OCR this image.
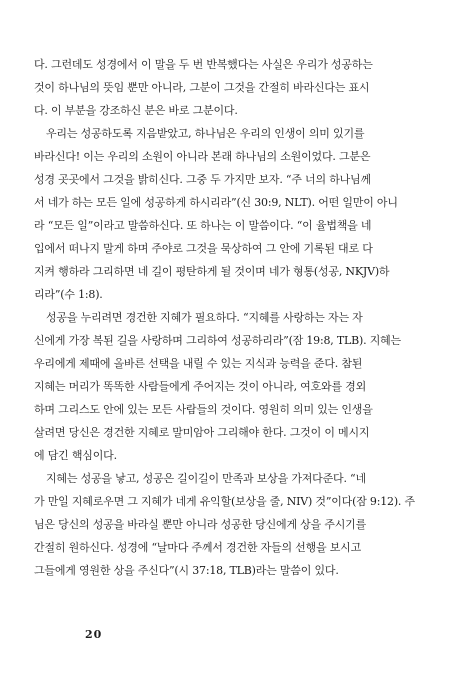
다. 그런데도 성경에서 이 말을 두 번 반복했다는 사실은 우리가 성공하는
것이 하나님의 뜻임 뿐만 아니라, 그분이 그것을 간절히 바라신다는 표시
다. 이 부분을 강조하신 분은 바로 그분이다.
우리는 성공하도록 지음받았고, 하나님은 우리의 인생이 의미 있기를
바라신다! 이는 우리의 소원이 아니라 본래 하나님의 소원이었다. 그분은
성경 곳곳에서 그것을 밝히신다. 그중 두 가지만 보자. “주 너의 하나님께
서 네가 하는 모든 일에 성공하게 하시리라”(신 30:9, NLT). 어떤 일만이 아니
라 “모든 일”이라고 말씀하신다. 또 하나는 이 말씀이다. “이 율법책을 네
입에서 떠나지 말게 하며 주야로 그것을 묵상하여 그 안에 기록된 대로 다
지켜 행하라 그리하면 네 길이 평탄하게 될 것이며 네가 형통(성공, NKJV)하
리라”(수 1:8).
성공을 누리려면 경건한 지혜가 필요하다. “지혜를 사랑하는 자는 자
신에게 가장 복된 길을 사랑하며 그리하여 성공하리라”(잠 19:8, TLB). 지혜는
우리에게 제때에 올바른 선택을 내릴 수 있는 지식과 능력을 준다. 참된
지혜는 머리가 똑똑한 사람들에게 주어지는 것이 아니라, 여호와를 경외
하며 그리스도 안에 있는 모든 사람들의 것이다. 영원히 의미 있는 인생을
살려면 당신은 경건한 지혜로 말미암아 그리해야 한다. 그것이 이 메시지
에 담긴 핵심이다.
지혜는 성공을 낳고, 성공은 길이길이 만족과 보상을 가져다준다. “네
가 만일 지혜로우면 그 지혜가 네게 유익할(보상을 줄, NIV) 것”이다(잠 9:12). 주
님은 당신의 성공을 바라실 뿐만 아니라 성공한 당신에게 상을 주시기를
간절히 원하신다. 성경에 “날마다 주께서 경건한 자들의 선행을 보시고
그들에게 영원한 상을 주신다”(시 37:18, TLB)라는 말씀이 있다.
20
